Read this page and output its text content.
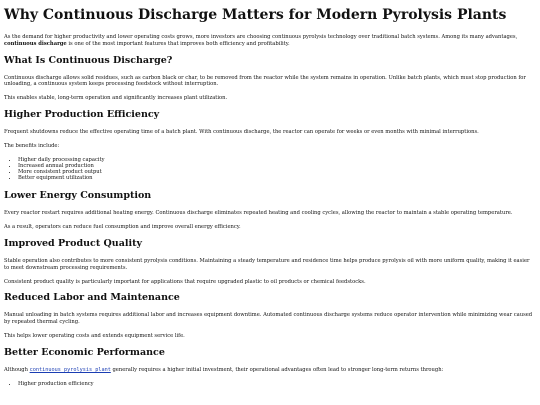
Why Continuous Discharge Matters for Modern Pyrolysis Plants

As the demand for higher productivity and lower operating costs grows, more investors are choosing continuous pyrolysis technology over traditional batch systems. Among its many advantages, continuous discharge is one of the most important features that improves both efficiency and profitability.

What Is Continuous Discharge?

Continuous discharge allows solid residues, such as carbon black or char, to be removed from the reactor while the system remains in operation. Unlike batch plants, which must stop production for unloading, a continuous system keeps processing feedstock without interruption.

This enables stable, long-term operation and significantly increases plant utilization.

Higher Production Efficiency

Frequent shutdowns reduce the effective operating time of a batch plant. With continuous discharge, the reactor can operate for weeks or even months with minimal interruptions.

The benefits include:

• Higher daily processing capacity
• Increased annual production
• More consistent product output
• Better equipment utilization
Lower Energy Consumption

Every reactor restart requires additional heating energy. Continuous discharge eliminates repeated heating and cooling cycles, allowing the reactor to maintain a stable operating temperature.

As a result, operators can reduce fuel consumption and improve overall energy efficiency.

Improved Product Quality

Stable operation also contributes to more consistent pyrolysis conditions. Maintaining a steady temperature and residence time helps produce pyrolysis oil with more uniform quality, making it easier to meet downstream processing requirements.

Consistent product quality is particularly important for applications that require upgraded plastic to oil products or chemical feedstocks.

Reduced Labor and Maintenance

Manual unloading in batch systems requires additional labor and increases equipment downtime. Automated continuous discharge systems reduce operator intervention while minimizing wear caused by repeated thermal cycling.

This helps lower operating costs and extends equipment service life.

Better Economic Performance

Although continuous pyrolysis plant generally requires a higher initial investment, their operational advantages often lead to stronger long-term returns through:

• Higher production efficiency
